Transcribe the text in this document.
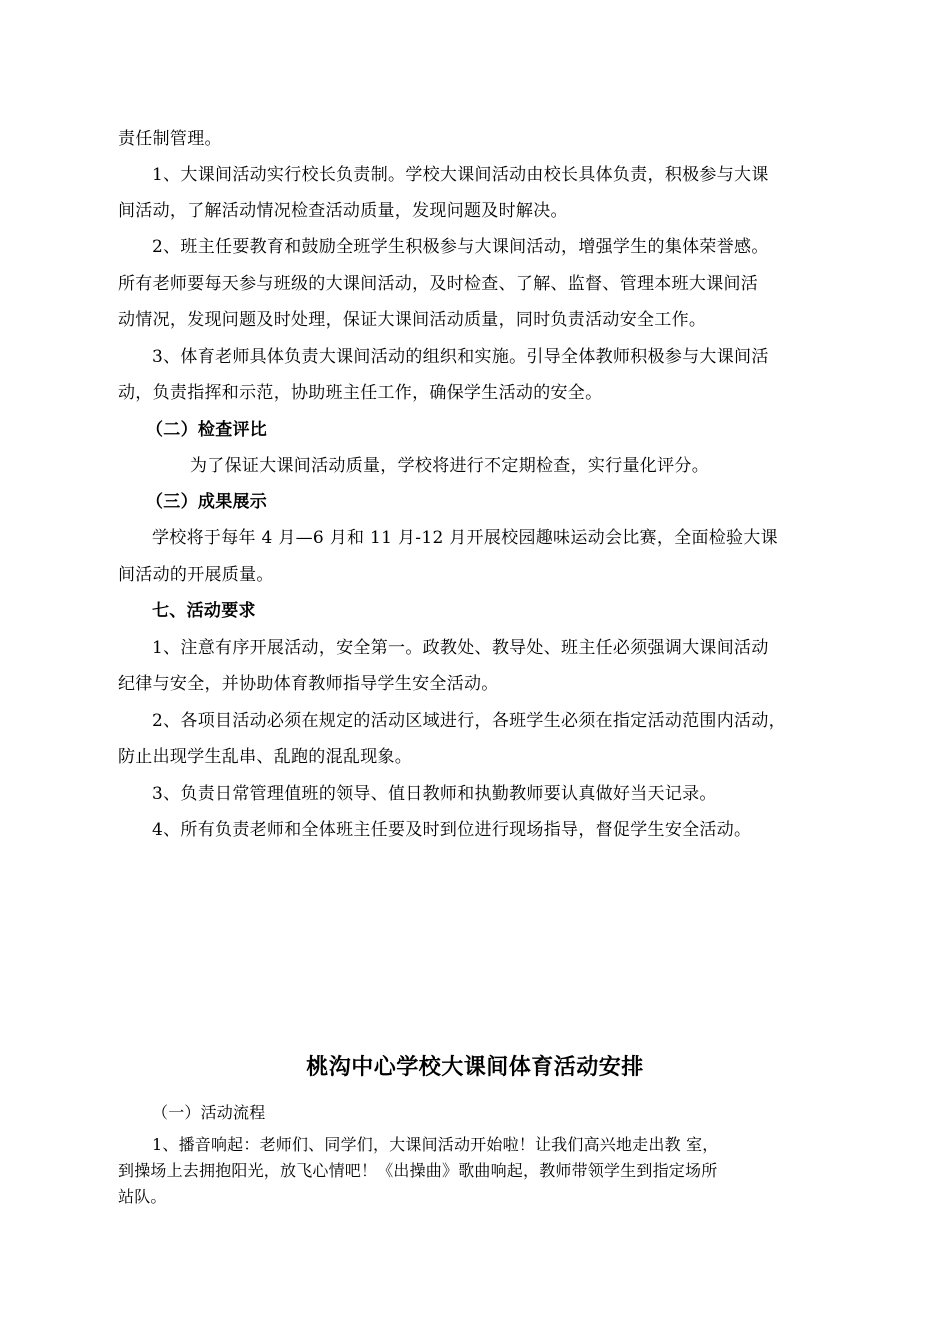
责任制管理。
1、大课间活动实行校长负责制。学校大课间活动由校长具体负责，积极参与大课
间活动，了解活动情况检查活动质量，发现问题及时解决。
2、班主任要教育和鼓励全班学生积极参与大课间活动，增强学生的集体荣誉感。
所有老师要每天参与班级的大课间活动，及时检查、了解、监督、管理本班大课间活
动情况，发现问题及时处理，保证大课间活动质量，同时负责活动安全工作。
3、体育老师具体负责大课间活动的组织和实施。引导全体教师积极参与大课间活
动，负责指挥和示范，协助班主任工作，确保学生活动的安全。
（二）检查评比
为了保证大课间活动质量，学校将进行不定期检查，实行量化评分。
（三）成果展示
学校将于每年 4 月—6 月和 11 月-12 月开展校园趣味运动会比赛，全面检验大课
间活动的开展质量。
七、活动要求
1、注意有序开展活动，安全第一。政教处、教导处、班主任必须强调大课间活动
纪律与安全，并协助体育教师指导学生安全活动。
2、各项目活动必须在规定的活动区域进行，各班学生必须在指定活动范围内活动，
防止出现学生乱串、乱跑的混乱现象。
3、负责日常管理值班的领导、值日教师和执勤教师要认真做好当天记录。
4、所有负责老师和全体班主任要及时到位进行现场指导，督促学生安全活动。
桃沟中心学校大课间体育活动安排
（一）活动流程
1、播音响起：老师们、同学们，大课间活动开始啦！让我们高兴地走出教 室，
到操场上去拥抱阳光，放飞心情吧！《出操曲》歌曲响起，教师带领学生到指定场所
站队。
